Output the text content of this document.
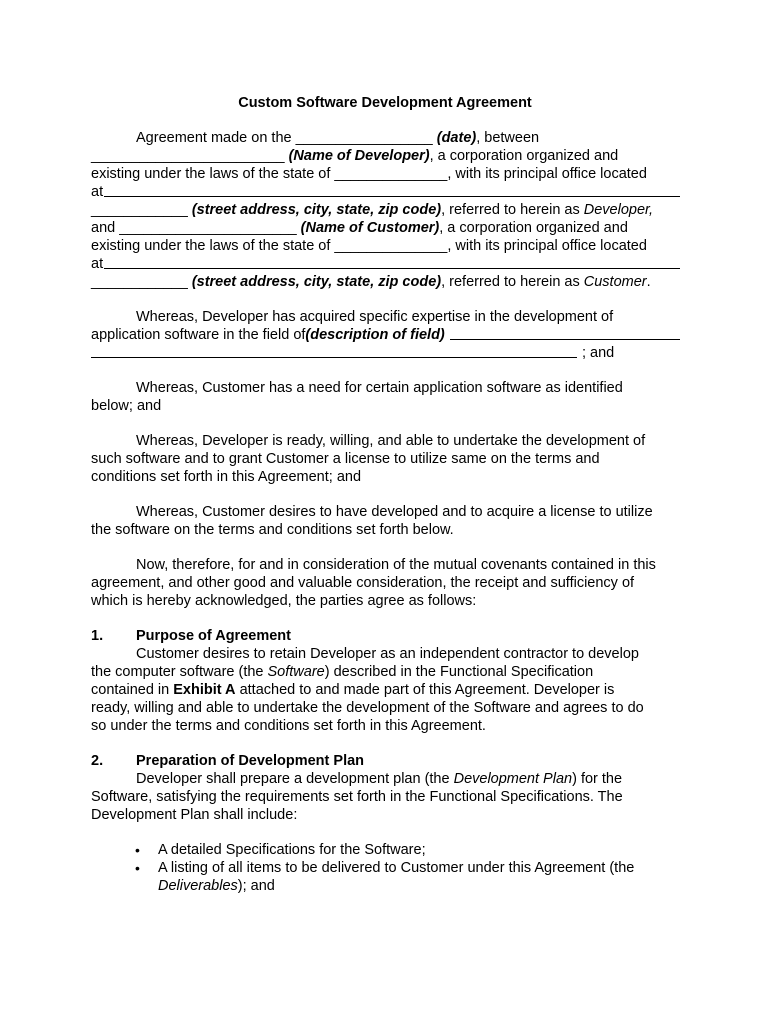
Custom Software Development Agreement

Agreement made on the _________________ (date), between

________________________ (Name of Developer), a corporation organized and

existing under the laws of the state of ______________, with its principal office located

at

____________ (street address, city, state, zip code), referred to herein as Developer,

and ______________________ (Name of Customer), a corporation organized and

existing under the laws of the state of ______________, with its principal office located

at

____________ (street address, city, state, zip code), referred to herein as Customer.

Whereas, Developer has acquired specific expertise in the development of

application software in the field of (description of field)

; and

Whereas, Customer has a need for certain application software as identified

below; and

Whereas, Developer is ready, willing, and able to undertake the development of

such software and to grant Customer a license to utilize same on the terms and

conditions set forth in this Agreement; and

Whereas, Customer desires to have developed and to acquire a license to utilize

the software on the terms and conditions set forth below.

Now, therefore, for and in consideration of the mutual covenants contained in this

agreement, and other good and valuable consideration, the receipt and sufficiency of

which is hereby acknowledged, the parties agree as follows:

1.	Purpose of Agreement

Customer desires to retain Developer as an independent contractor to develop

the computer software (the Software) described in the Functional Specification

contained in Exhibit A attached to and made part of this Agreement. Developer is

ready, willing and able to undertake the development of the Software and agrees to do

so under the terms and conditions set forth in this Agreement.

2.	Preparation of Development Plan

Developer shall prepare a development plan (the Development Plan) for the

Software, satisfying the requirements set forth in the Functional Specifications. The

Development Plan shall include:

•	A detailed Specifications for the Software;
•	A listing of all items to be delivered to Customer under this Agreement (the
Deliverables); and
